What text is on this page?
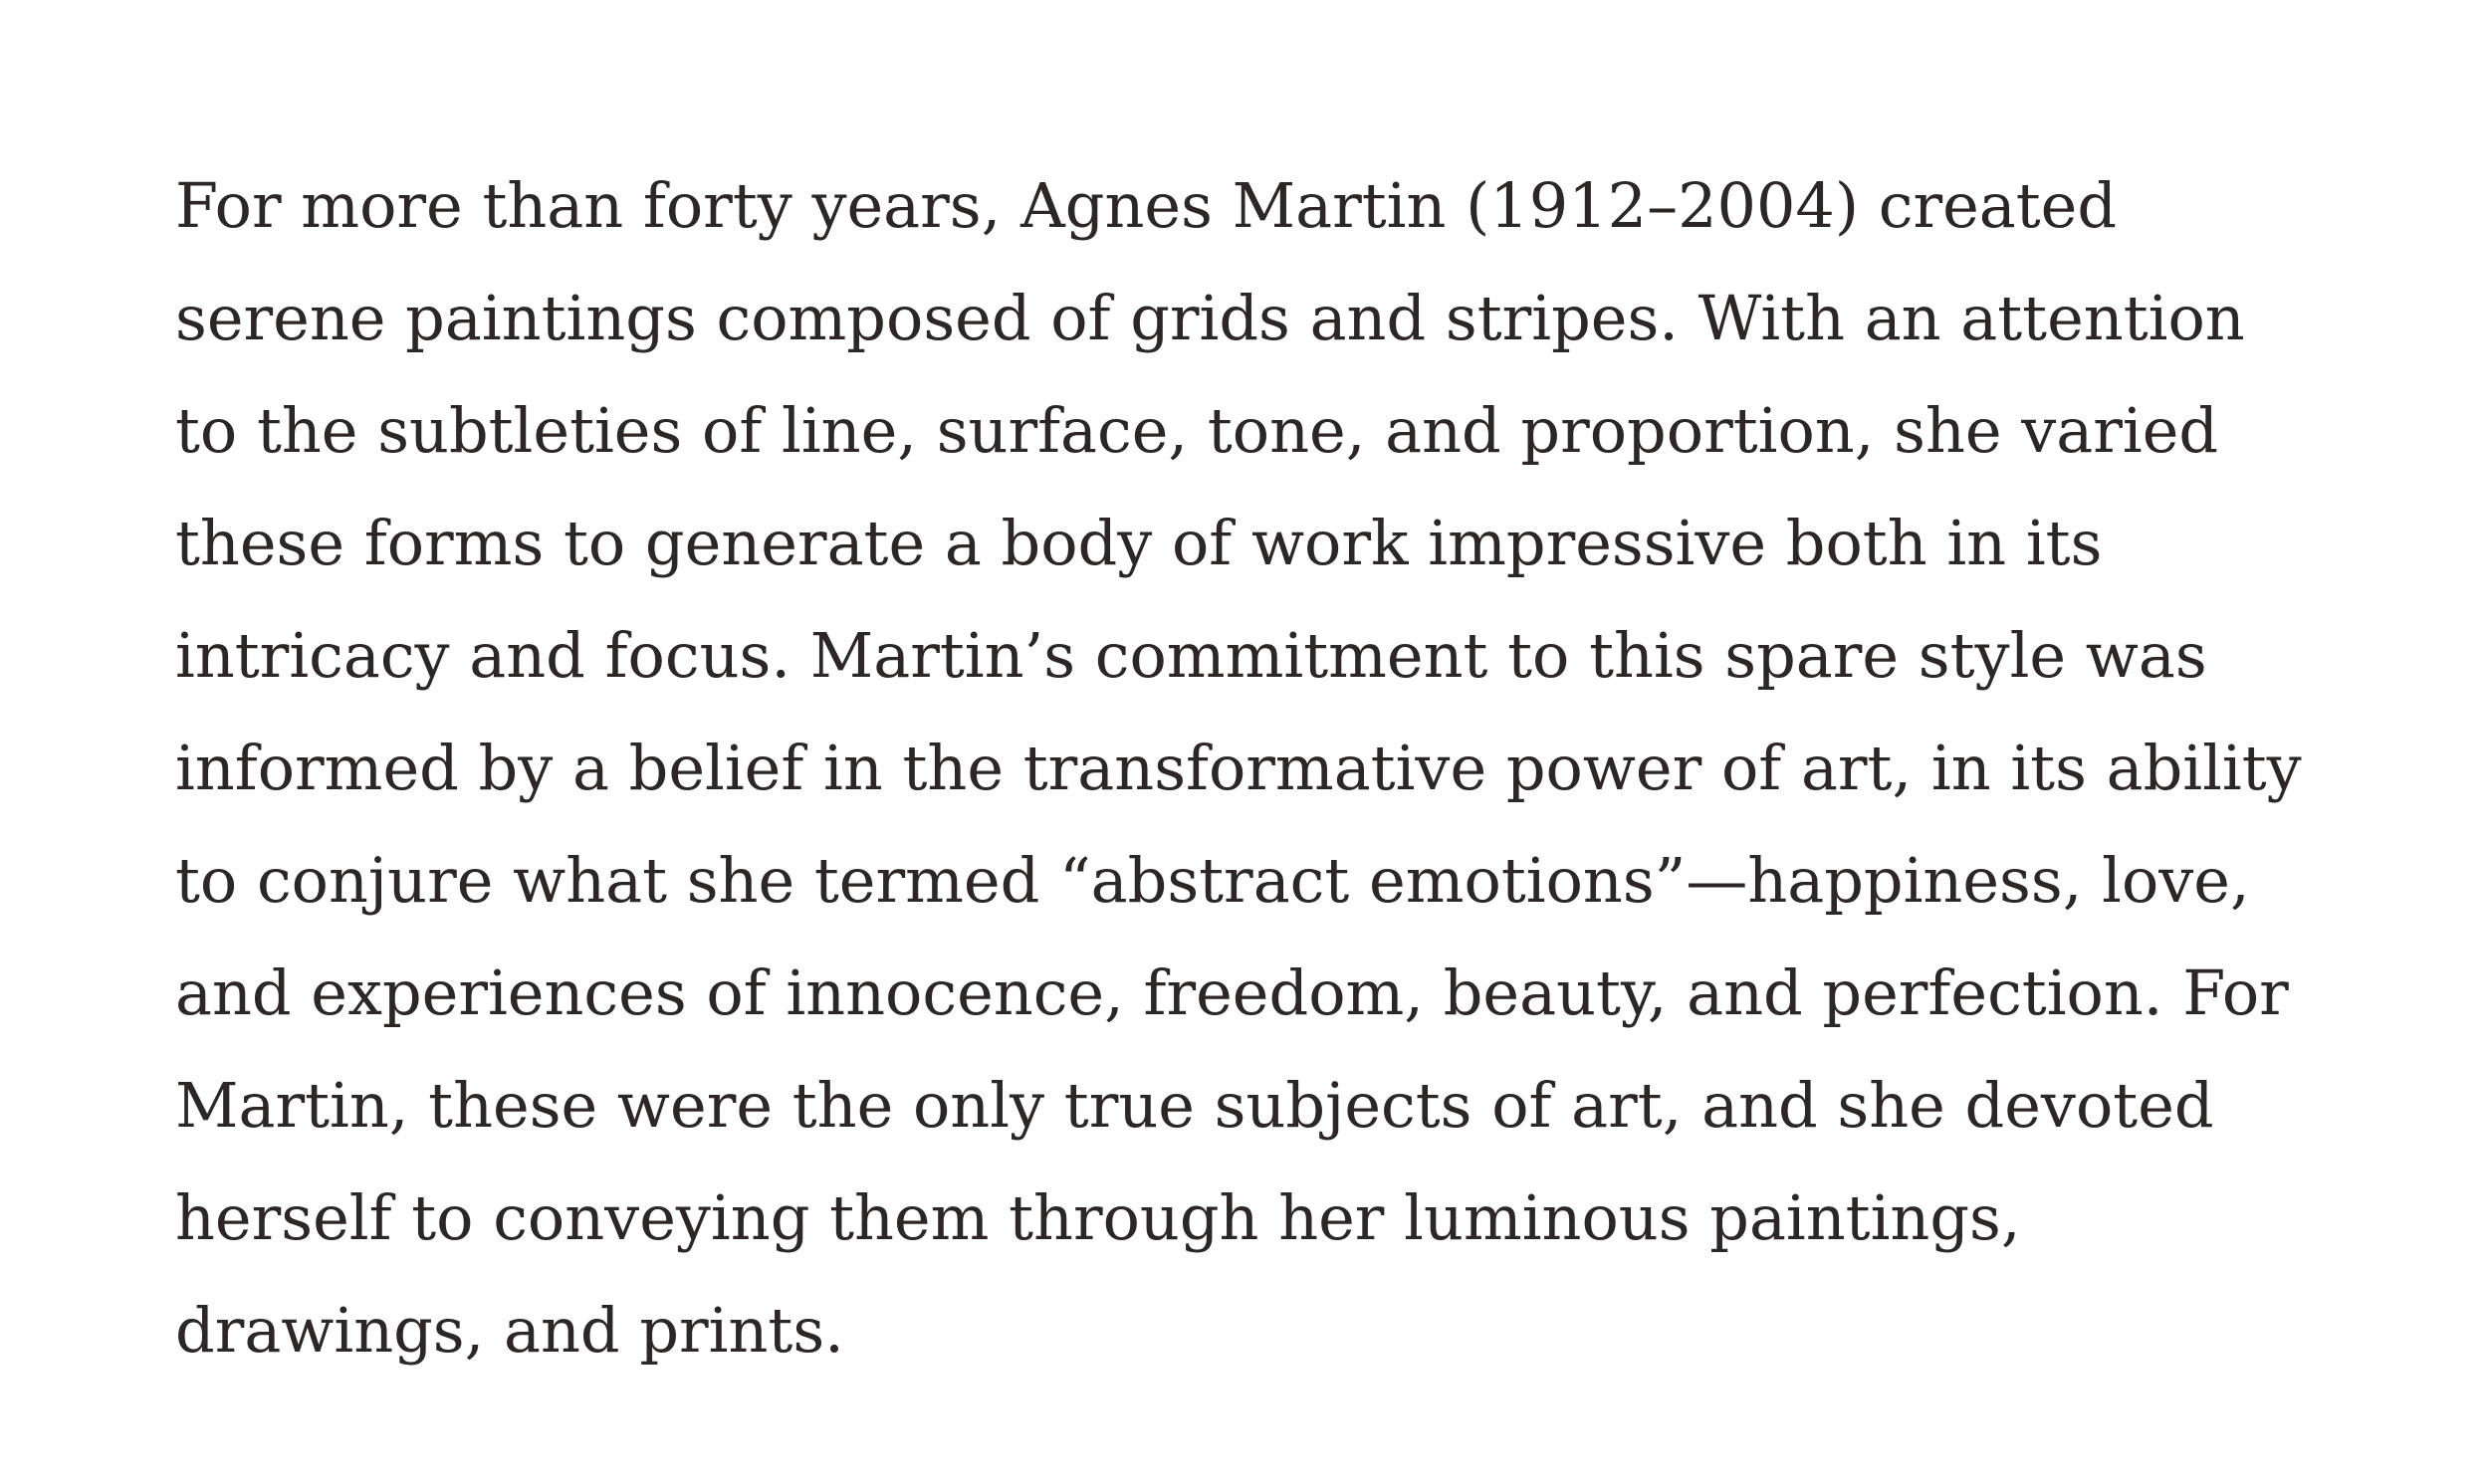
For more than forty years, Agnes Martin (1912–2004) created
serene paintings composed of grids and stripes. With an attention
to the subtleties of line, surface, tone, and proportion, she varied
these forms to generate a body of work impressive both in its
intricacy and focus. Martin’s commitment to this spare style was
informed by a belief in the transformative power of art, in its ability
to conjure what she termed “abstract emotions”—happiness, love,
and experiences of innocence, freedom, beauty, and perfection. For
Martin, these were the only true subjects of art, and she devoted
herself to conveying them through her luminous paintings,
drawings, and prints.
